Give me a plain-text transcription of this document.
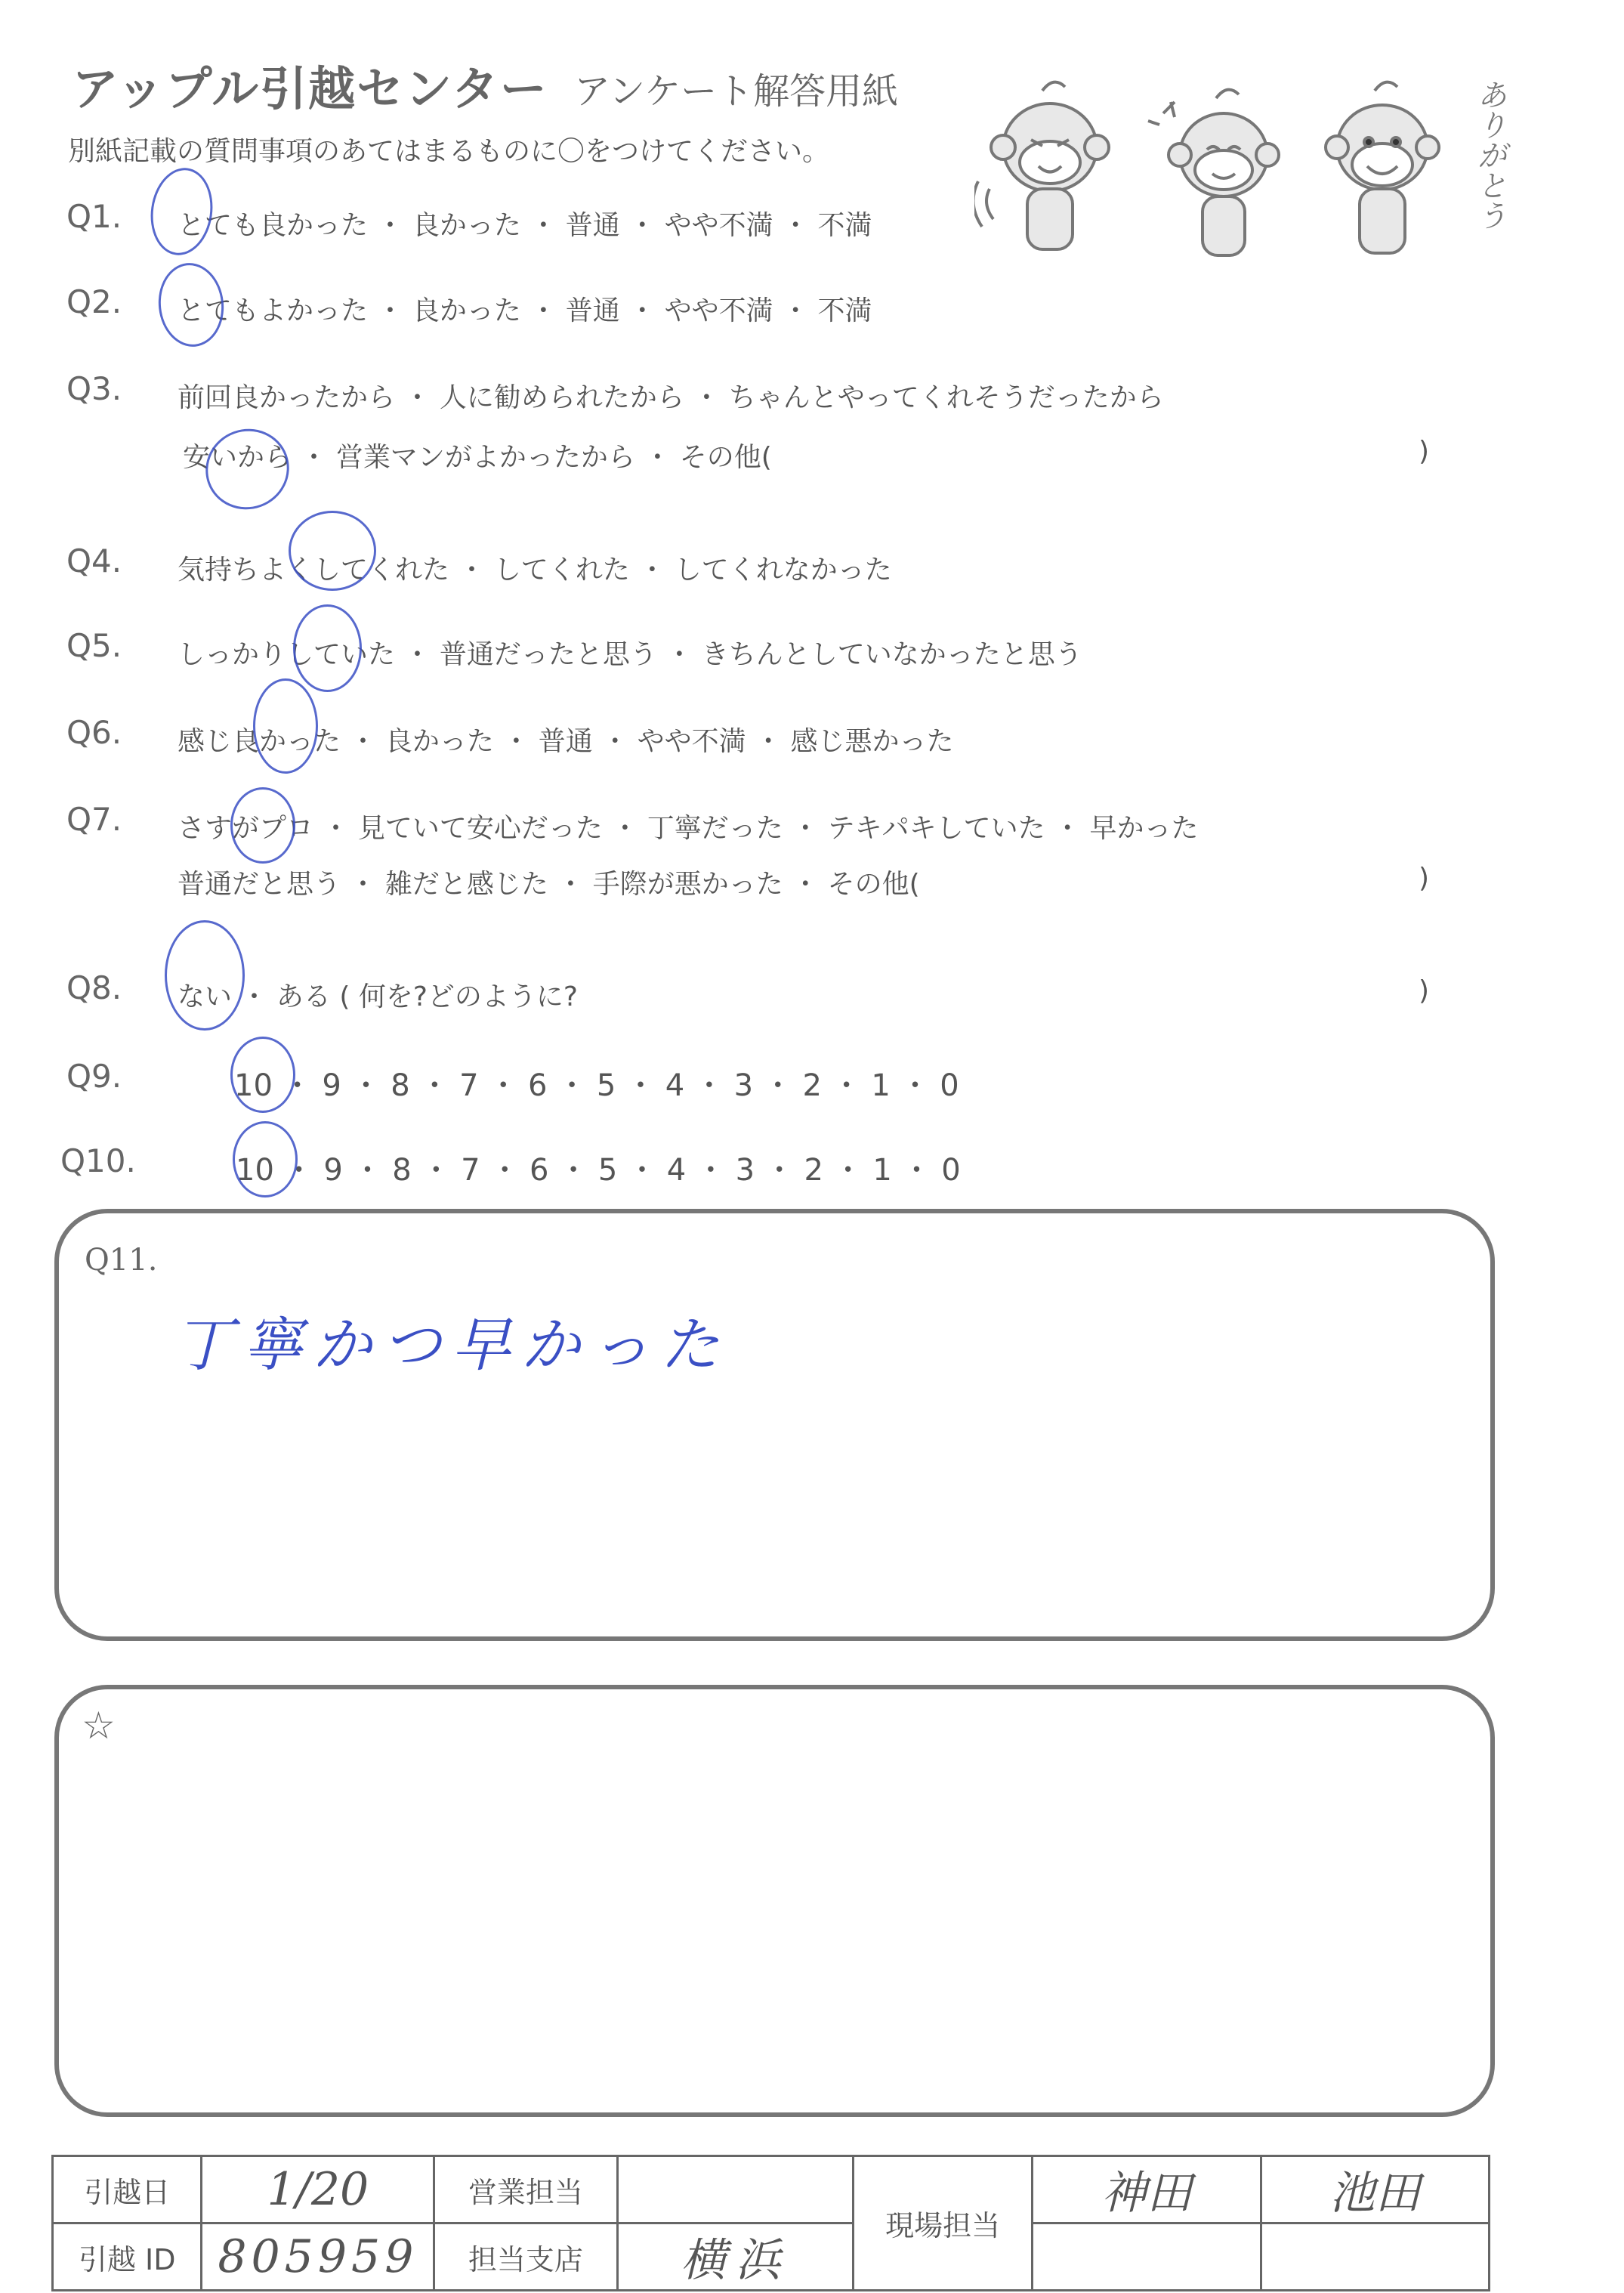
アップル引越センター アンケート解答用紙
別紙記載の質問事項のあてはまるものに〇をつけてください。	ありがとう
Q1. とても良かった ・ 良かった ・ 普通 ・ やや不満 ・ 不満
Q2. とてもよかった ・ 良かった ・ 普通 ・ やや不満 ・ 不満
Q3. 前回良かったから ・ 人に勧められたから ・ ちゃんとやってくれそうだったから
安いから ・ 営業マンがよかったから ・ その他(	)
Q4. 気持ちよくしてくれた ・ してくれた ・ してくれなかった
Q5. しっかりしていた ・ 普通だったと思う ・ きちんとしていなかったと思う
Q6. 感じ良かった ・ 良かった ・ 普通 ・ やや不満 ・ 感じ悪かった
Q7. さすがプロ ・ 見ていて安心だった ・ 丁寧だった ・ テキパキしていた ・ 早かった
普通だと思う ・ 雑だと感じた ・ 手際が悪かった ・ その他(	)
Q8. ない ・ ある ( 何を?どのように?	)
Q9.	10 ・ 9 ・ 8 ・ 7 ・ 6 ・ 5 ・ 4 ・ 3 ・ 2 ・ 1 ・ 0
Q10.	10 ・ 9 ・ 8 ・ 7 ・ 6 ・ 5 ・ 4 ・ 3 ・ 2 ・ 1 ・ 0
Q11.
丁寧かつ早かった
☆
引越日	1/20	営業担当		現場担当	神田	池田
引越 ID	805959	担当支店	横浜			
